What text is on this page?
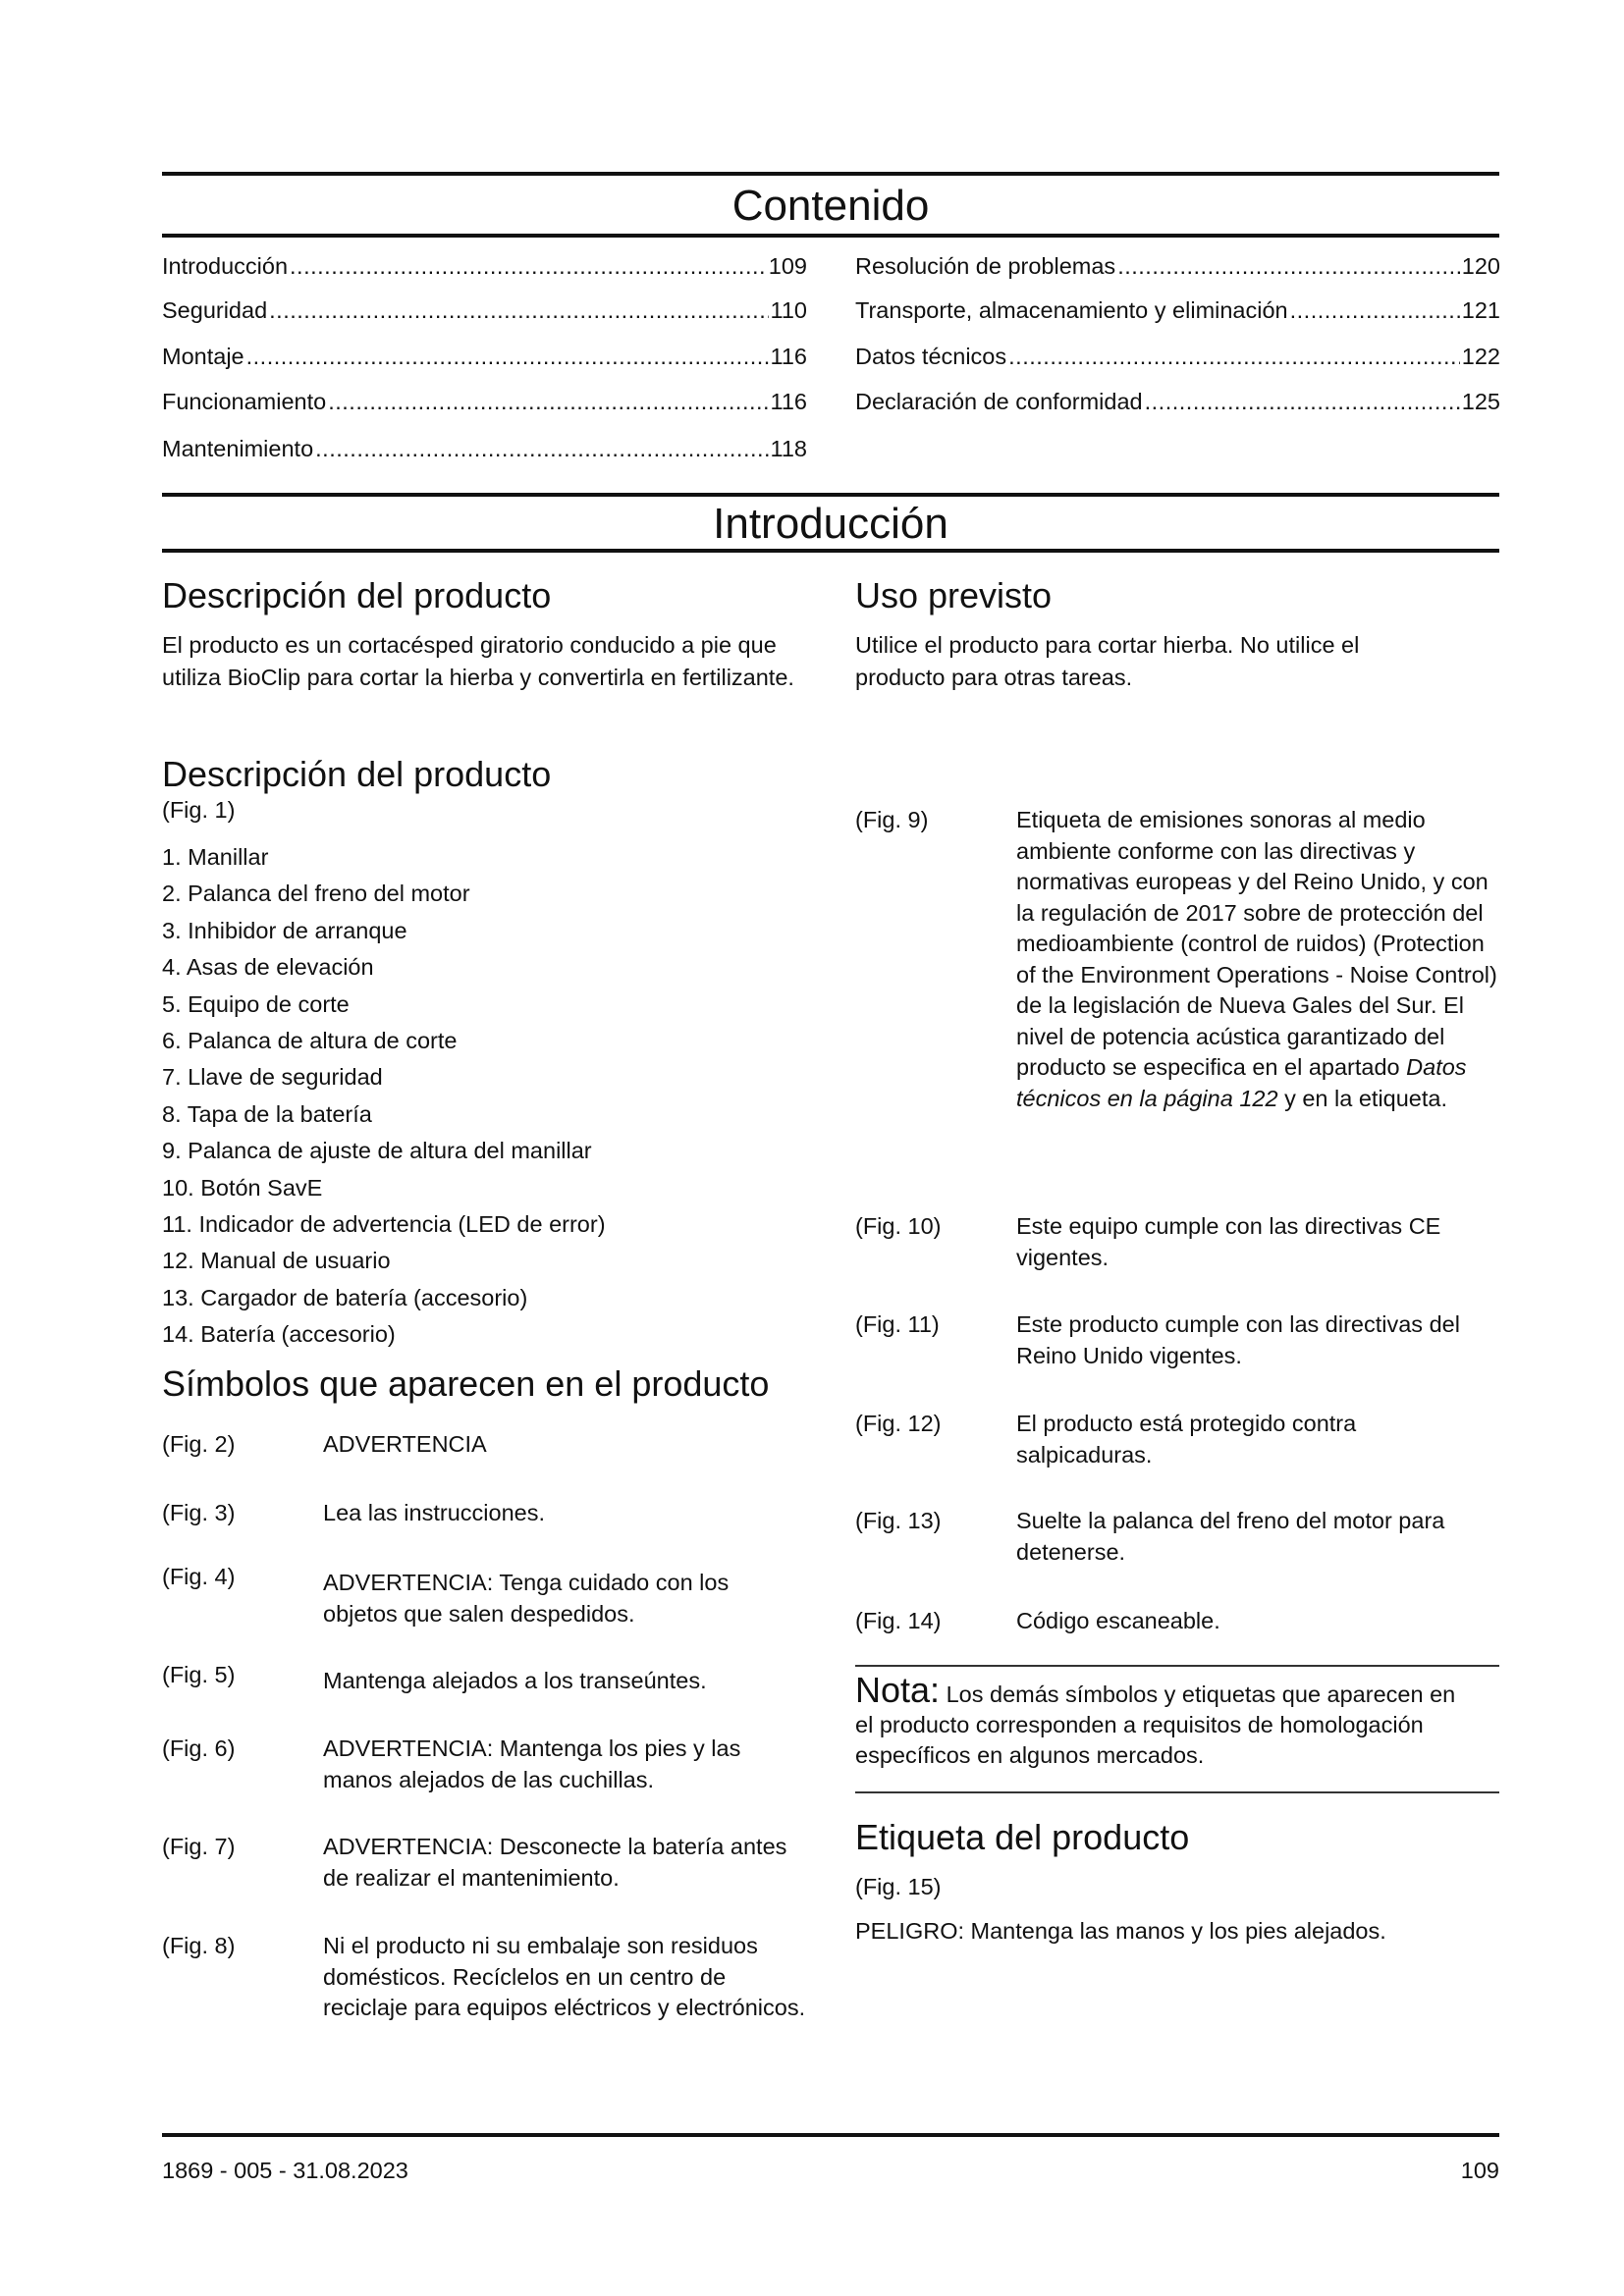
Contenido
Introducción .....	109
Seguridad .....	110
Montaje .....	116
Funcionamiento .....	116
Mantenimiento .....	118
Resolución de problemas .....	120
Transporte, almacenamiento y eliminación .....	121
Datos técnicos .....	122
Declaración de conformidad .....	125
Introducción
Descripción del producto

El producto es un cortacésped giratorio conducido a pie que utiliza BioClip para cortar la hierba y convertirla en fertilizante.

Descripción del producto

(Fig. 1)

1. Manillar
2. Palanca del freno del motor
3. Inhibidor de arranque
4. Asas de elevación
5. Equipo de corte
6. Palanca de altura de corte
7. Llave de seguridad
8. Tapa de la batería
9. Palanca de ajuste de altura del manillar
10. Botón SavE
11. Indicador de advertencia (LED de error)
12. Manual de usuario
13. Cargador de batería (accesorio)
14. Batería (accesorio)
Símbolos que aparecen en el producto
(Fig. 2)	ADVERTENCIA
(Fig. 3)	Lea las instrucciones.
(Fig. 4)	ADVERTENCIA: Tenga cuidado con los objetos que salen despedidos.
(Fig. 5)	Mantenga alejados a los transeúntes.
(Fig. 6)	ADVERTENCIA: Mantenga los pies y las manos alejados de las cuchillas.
(Fig. 7)	ADVERTENCIA: Desconecte la batería antes de realizar el mantenimiento.
(Fig. 8)	Ni el producto ni su embalaje son residuos domésticos. Recíclelos en un centro de reciclaje para equipos eléctricos y electrónicos.
Uso previsto

Utilice el producto para cortar hierba. No utilice el producto para otras tareas.

(Fig. 9)	Etiqueta de emisiones sonoras al medio ambiente conforme con las directivas y normativas europeas y del Reino Unido, y con la regulación de 2017 sobre de protección del medioambiente (control de ruidos) (Protection of the Environment Operations - Noise Control) de la legislación de Nueva Gales del Sur. El nivel de potencia acústica garantizado del producto se especifica en el apartado Datos técnicos en la página 122 y en la etiqueta.
(Fig. 10)	Este equipo cumple con las directivas CE vigentes.
(Fig. 11)	Este producto cumple con las directivas del Reino Unido vigentes.
(Fig. 12)	El producto está protegido contra salpicaduras.
(Fig. 13)	Suelte la palanca del freno del motor para detenerse.
(Fig. 14)	Código escaneable.

Nota: Los demás símbolos y etiquetas que aparecen en el producto corresponden a requisitos de homologación específicos en algunos mercados.

Etiqueta del producto

(Fig. 15)

PELIGRO: Mantenga las manos y los pies alejados.

1869 - 005 - 31.08.2023	109
